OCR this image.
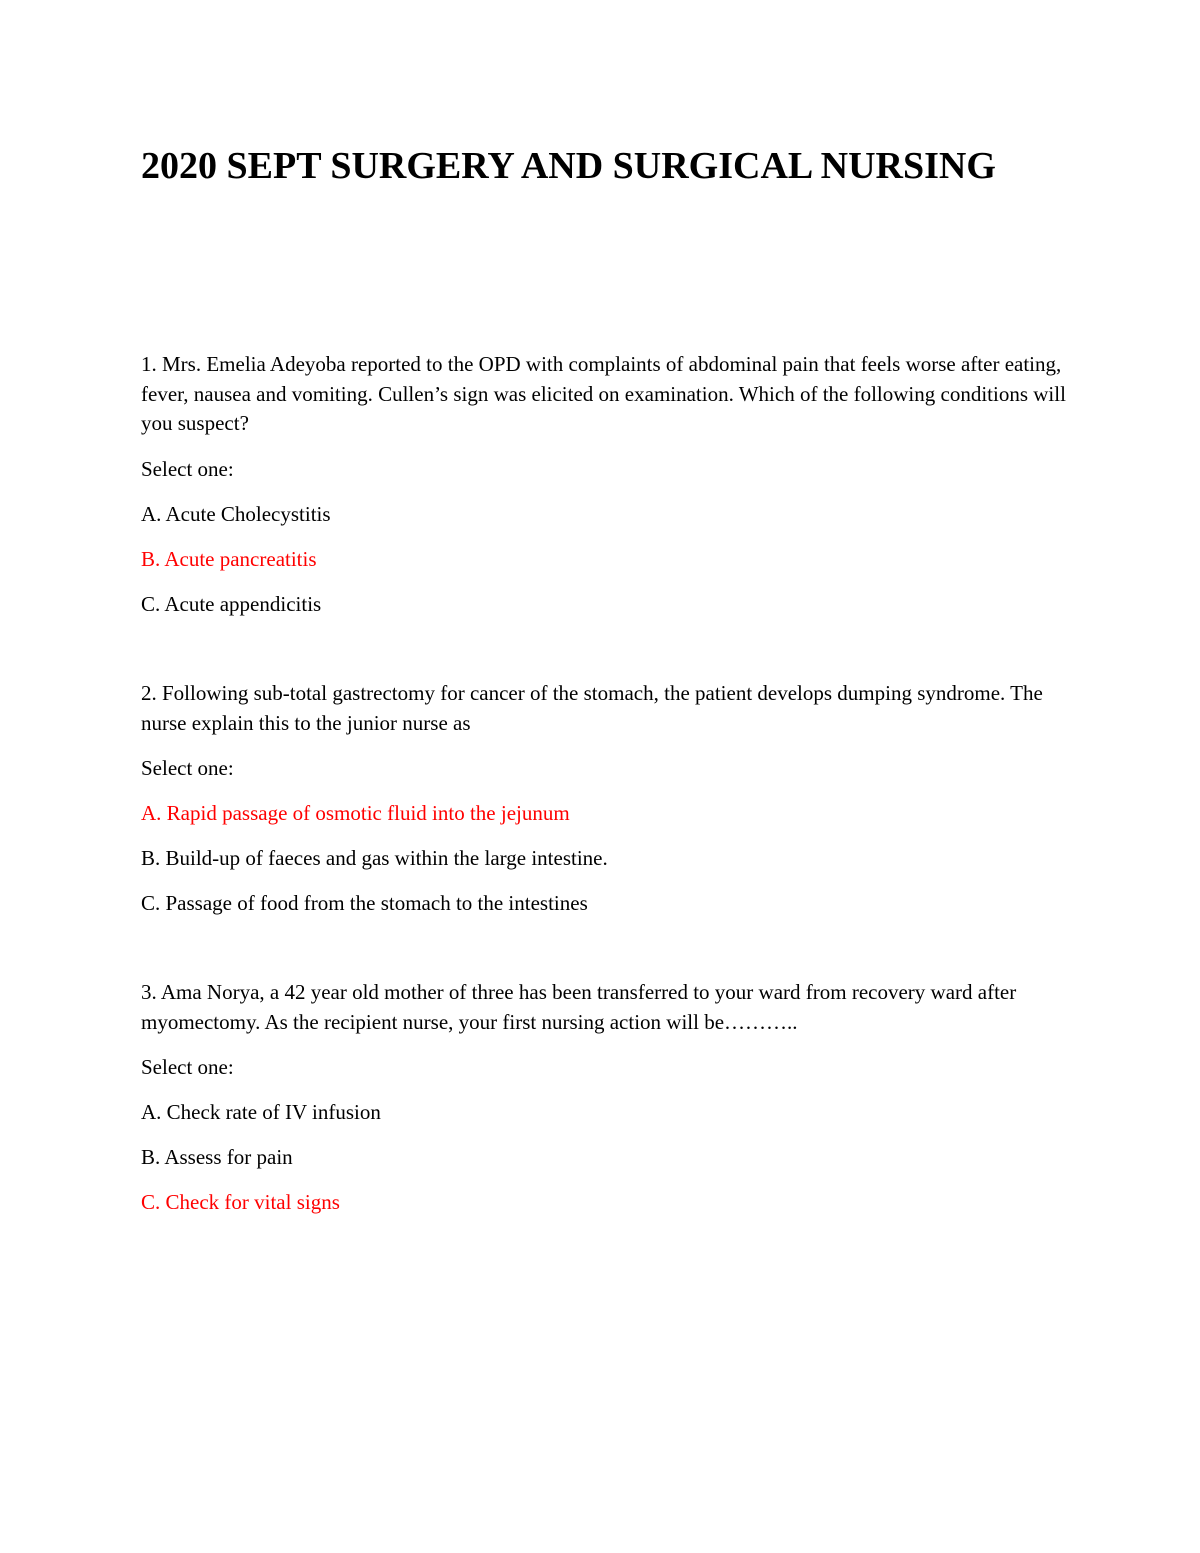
2020 SEPT SURGERY AND SURGICAL NURSING

1. Mrs. Emelia Adeyoba reported to the OPD with complaints of abdominal pain that feels worse after eating, fever, nausea and vomiting. Cullen’s sign was elicited on examination. Which of the following conditions will you suspect?

Select one:

A. Acute Cholecystitis
B. Acute pancreatitis
C. Acute appendicitis

2. Following sub-total gastrectomy for cancer of the stomach, the patient develops dumping syndrome. The nurse explain this to the junior nurse as

Select one:

A. Rapid passage of osmotic fluid into the jejunum
B. Build-up of faeces and gas within the large intestine.
C. Passage of food from the stomach to the intestines

3. Ama Norya, a 42 year old mother of three has been transferred to your ward from recovery ward after myomectomy. As the recipient nurse, your first nursing action will be………..

Select one:

A. Check rate of IV infusion
B. Assess for pain
C. Check for vital signs
